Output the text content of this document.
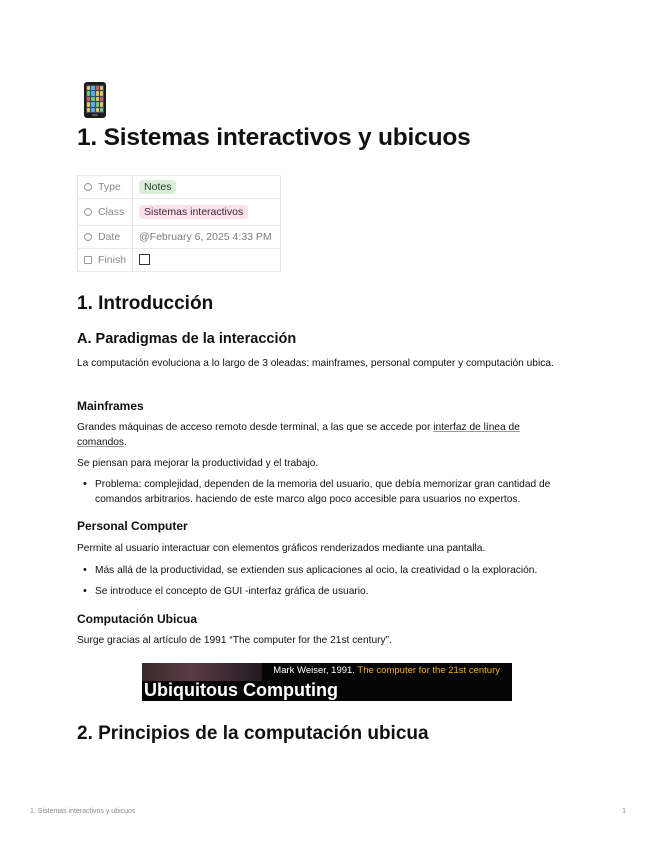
1. Sistemas interactivos y ubicuos
Type	Notes
Class	Sistemas interactivos
Date	@February 6, 2025 4:33 PM
Finish	
1. Introducción
A. Paradigmas de la interacción

La computación evoluciona a lo largo de 3 oleadas: mainframes, personal computer y computación ubica.

Mainframes

Grandes máquinas de acceso remoto desde terminal, a las que se accede por interfaz de línea de comandos.

Se piensan para mejorar la productividad y el trabajo.

• Problema: complejidad, dependen de la memoria del usuario, que debía memorizar gran cantidad de comandos arbitrarios. haciendo de este marco algo poco accesible para usuarios no expertos.

Personal Computer

Permite al usuario interactuar con elementos gráficos renderizados mediante una pantalla.

• Más allá de la productividad, se extienden sus aplicaciones al ocio, la creatividad o la exploración.

• Se introduce el concepto de GUI -interfaz gráfica de usuario.

Computación Ubicua

Surge gracias al artículo de 1991 “The computer for the 21st century”.

Mark Weiser, 1991. The computer for the 21st century
Ubiquitous Computing
2. Principios de la computación ubicua
1. Sistemas interactivos y ubicuos	1
